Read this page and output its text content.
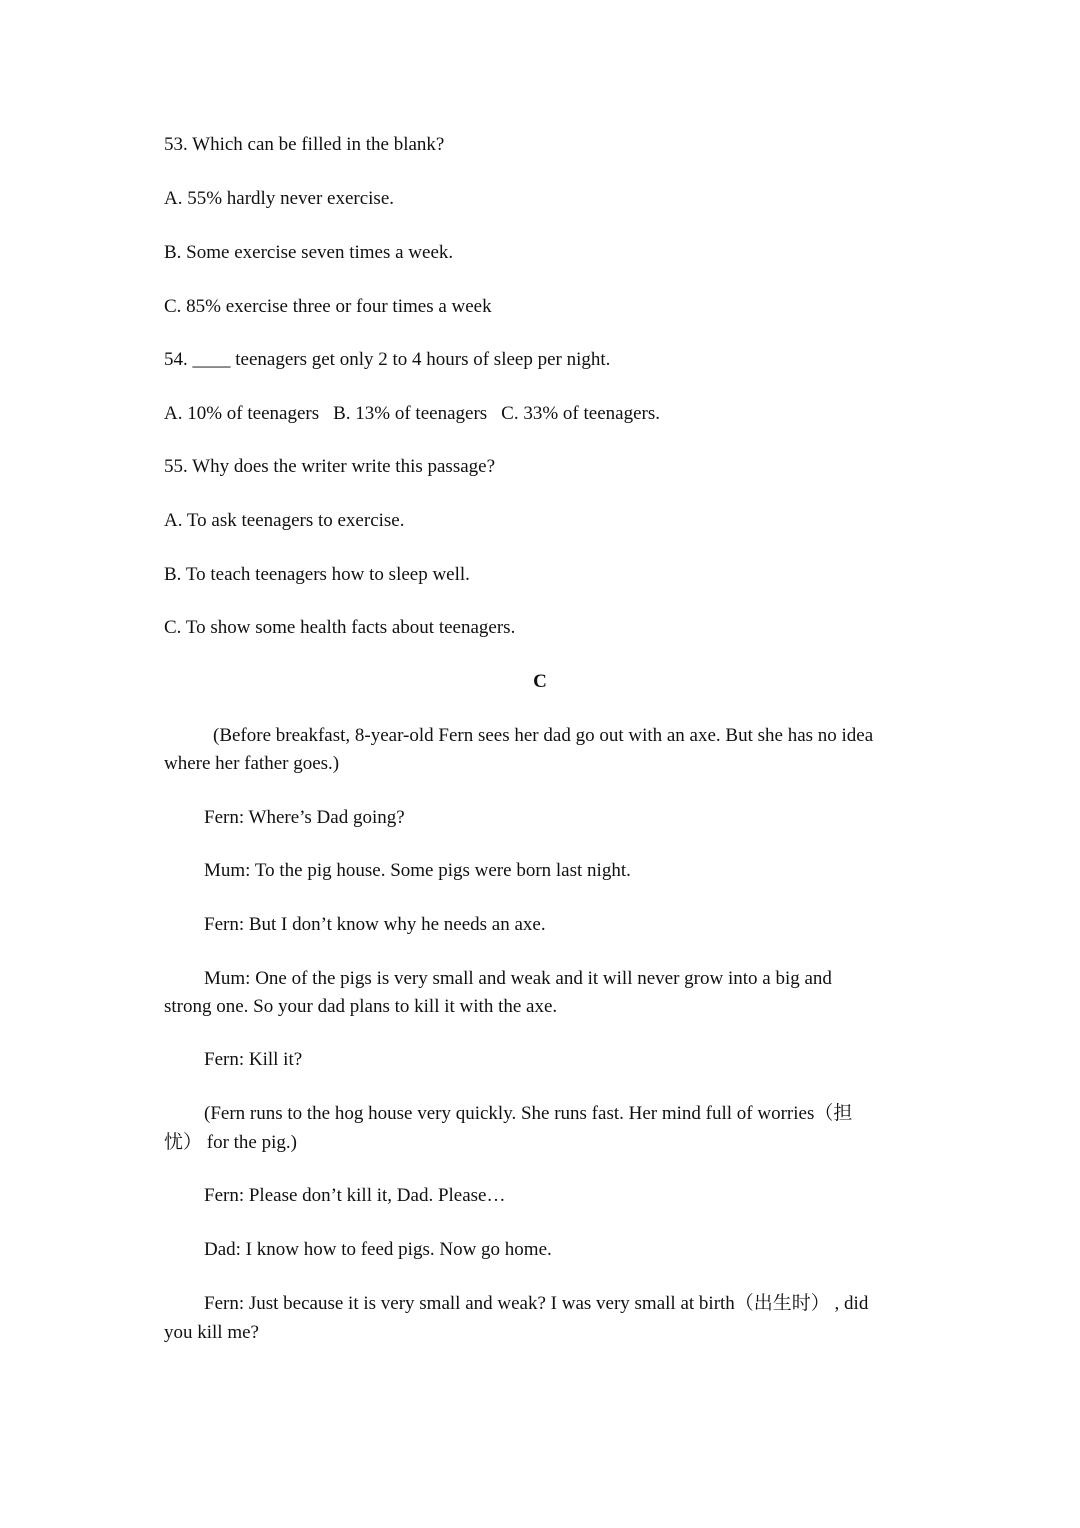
53. Which can be filled in the blank?
A. 55% hardly never exercise.
B. Some exercise seven times a week.
C. 85% exercise three or four times a week
54. ____ teenagers get only 2 to 4 hours of sleep per night.
A. 10% of teenagers B. 13% of teenagers C. 33% of teenagers.
55. Why does the writer write this passage?
A. To ask teenagers to exercise.
B. To teach teenagers how to sleep well.
C. To show some health facts about teenagers.
C
(Before breakfast, 8-year-old Fern sees her dad go out with an axe. But she has no idea
where her father goes.)
Fern: Where’s Dad going?
Mum: To the pig house. Some pigs were born last night.
Fern: But I don’t know why he needs an axe.
Mum: One of the pigs is very small and weak and it will never grow into a big and
strong one. So your dad plans to kill it with the axe.
Fern: Kill it?
(Fern runs to the hog house very quickly. She runs fast. Her mind full of worries（担
忧） for the pig.)
Fern: Please don’t kill it, Dad. Please…
Dad: I know how to feed pigs. Now go home.
Fern: Just because it is very small and weak? I was very small at birth（出生时） , did
you kill me?
